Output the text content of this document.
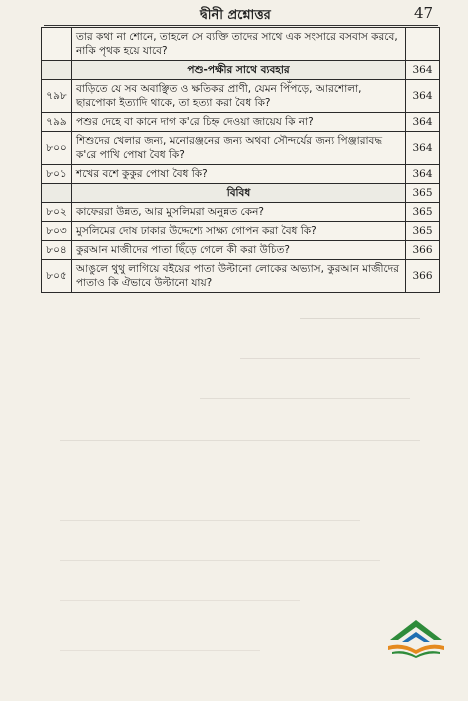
দ্বীনী প্রশ্নোত্তর	47
	তার কথা না শোনে, তাহলে সে ব্যক্তি তাদের সাথে এক সংসারে বসবাস করবে, নাকি পৃথক হয়ে যাবে?	
	পশু-পক্ষীর সাথে ব্যবহার	364
৭৯৮	বাড়িতে যে সব অবাঞ্ছিত ও ক্ষতিকর প্রাণী, যেমন পিঁপড়ে, আরশোলা, ছারপোকা ইত্যাদি থাকে, তা হত্যা করা বৈধ কি?	364
৭৯৯	পশুর দেহে বা কানে দাগ ক'রে চিহ্ন দেওয়া জায়েয কি না?	364
৮০০	শিশুদের খেলার জন্য, মনোরঞ্জনের জন্য অথবা সৌন্দর্যের জন্য পিঞ্জারাবদ্ধ ক'রে পাখি পোষা বৈধ কি?	364
৮০১	শখের বশে কুকুর পোষা বৈধ কি?	364
	বিবিধ	365
৮০২	কাফেররা উন্নত, আর মুসলিমরা অনুন্নত কেন?	365
৮০৩	মুসলিমের দোষ ঢাকার উদ্দেশ্যে সাক্ষ্য গোপন করা বৈধ কি?	365
৮০৪	কুরআন মাজীদের পাতা ছিঁড়ে গেলে কী করা উচিত?	366
৮০৫	আঙুলে থুথু লাগিয়ে বইয়ের পাতা উল্টানো লোকের অভ্যাস, কুরআন মাজীদের পাতাও কি ঐভাবে উল্টানো যায়?	366
